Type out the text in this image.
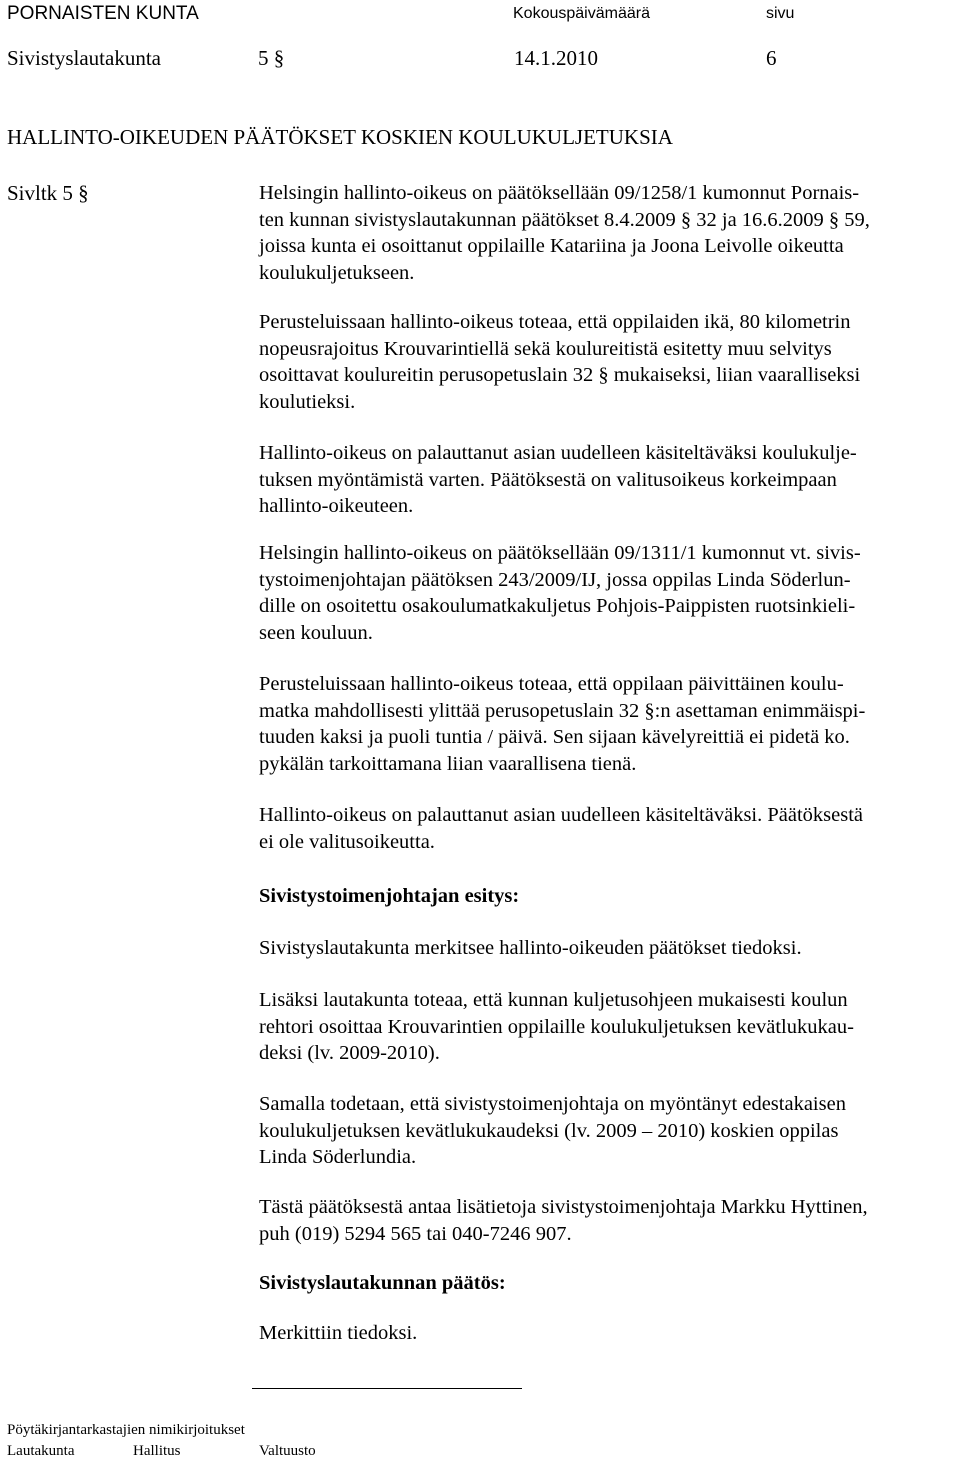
PORNAISTEN KUNTA	Kokouspäivämäärä	sivu
Sivistyslautakunta	5 §	14.1.2010	6
HALLINTO-OIKEUDEN PÄÄTÖKSET KOSKIEN KOULUKULJETUKSIA
Sivltk 5 §	Helsingin hallinto-oikeus on päätöksellään 09/1258/1 kumonnut Pornais-

ten kunnan sivistyslautakunnan päätökset 8.4.2009 § 32 ja 16.6.2009 § 59,

joissa kunta ei osoittanut oppilaille Katariina ja Joona Leivolle oikeutta

koulukuljetukseen.

Perusteluissaan hallinto-oikeus toteaa, että oppilaiden ikä, 80 kilometrin

nopeusrajoitus Krouvarintiellä sekä koulureitistä esitetty muu selvitys

osoittavat koulureitin perusopetuslain 32 § mukaiseksi, liian vaaralliseksi

koulutieksi.

Hallinto-oikeus on palauttanut asian uudelleen käsiteltäväksi koulukulje-

tuksen myöntämistä varten. Päätöksestä on valitusoikeus korkeimpaan

hallinto-oikeuteen.

Helsingin hallinto-oikeus on päätöksellään 09/1311/1 kumonnut vt. sivis-

tystoimenjohtajan päätöksen 243/2009/IJ, jossa oppilas Linda Söderlun-

dille on osoitettu osakoulumatkakuljetus Pohjois-Paippisten ruotsinkieli-

seen kouluun.

Perusteluissaan hallinto-oikeus toteaa, että oppilaan päivittäinen koulu-

matka mahdollisesti ylittää perusopetuslain 32 §:n asettaman enimmäispi-

tuuden kaksi ja puoli tuntia / päivä. Sen sijaan kävelyreittiä ei pidetä ko.

pykälän tarkoittamana liian vaarallisena tienä.

Hallinto-oikeus on palauttanut asian uudelleen käsiteltäväksi. Päätöksestä

ei ole valitusoikeutta.

Sivistystoimenjohtajan esitys:

Sivistyslautakunta merkitsee hallinto-oikeuden päätökset tiedoksi.

Lisäksi lautakunta toteaa, että kunnan kuljetusohjeen mukaisesti koulun

rehtori osoittaa Krouvarintien oppilaille koulukuljetuksen kevätlukukau-

deksi (lv. 2009-2010).

Samalla todetaan, että sivistystoimenjohtaja on myöntänyt edestakaisen

koulukuljetuksen kevätlukukaudeksi (lv. 2009 – 2010) koskien oppilas

Linda Söderlundia.

Tästä päätöksestä antaa lisätietoja sivistystoimenjohtaja Markku Hyttinen,

puh (019) 5294 565 tai 040-7246 907.

Sivistyslautakunnan päätös:

Merkittiin tiedoksi.

Pöytäkirjantarkastajien nimikirjoitukset
Lautakunta	Hallitus	Valtuusto
